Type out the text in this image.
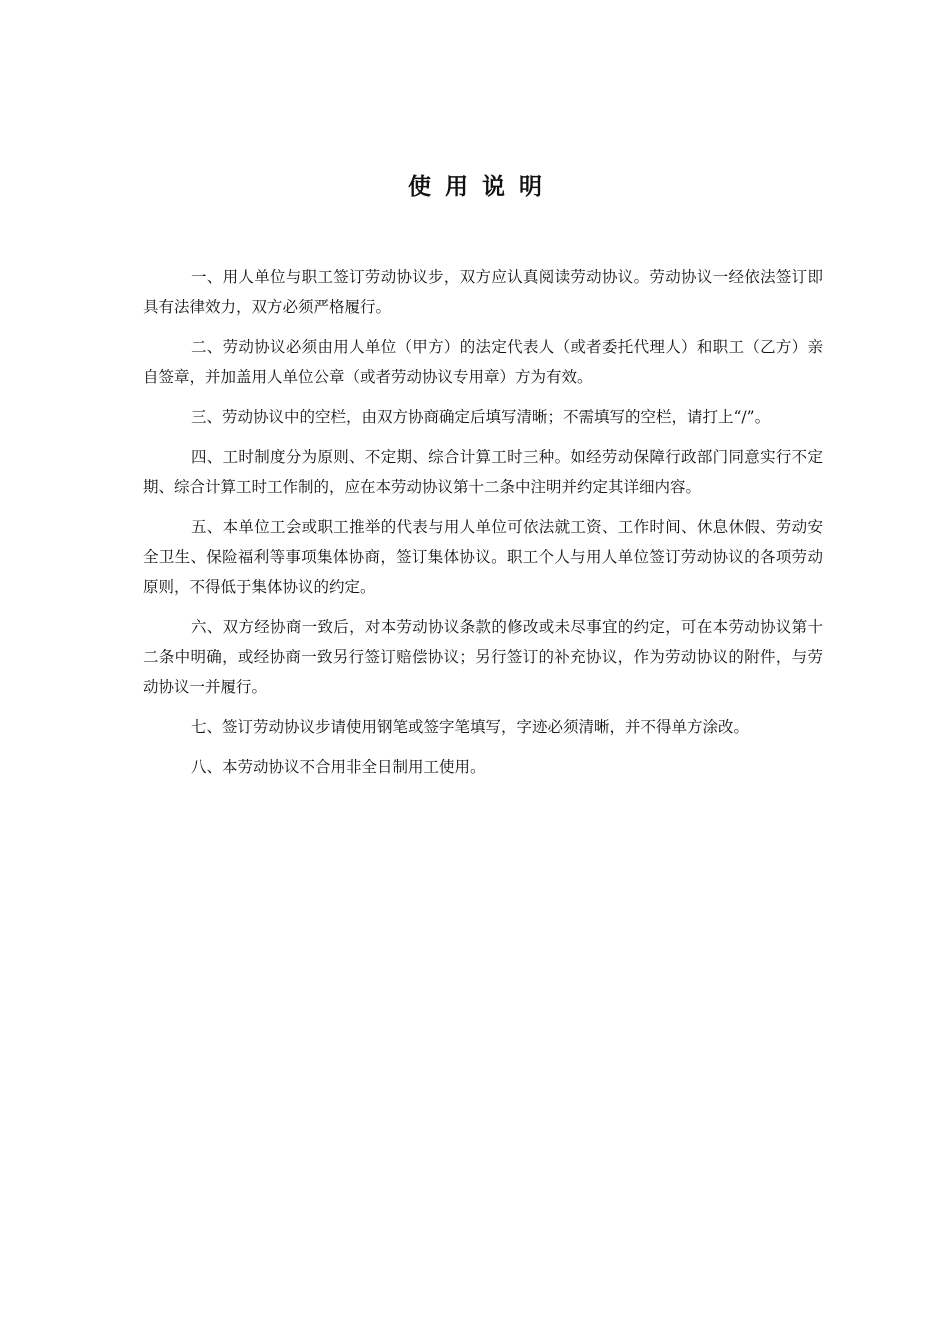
使用说明

一、用人单位与职工签订劳动协议步，双方应认真阅读劳动协议。劳动协议一经依法签订即具有法律效力，双方必须严格履行。

二、劳动协议必须由用人单位（甲方）的法定代表人（或者委托代理人）和职工（乙方）亲自签章，并加盖用人单位公章（或者劳动协议专用章）方为有效。

三、劳动协议中的空栏，由双方协商确定后填写清晰；不需填写的空栏，请打上“/”。

四、工时制度分为原则、不定期、综合计算工时三种。如经劳动保障行政部门同意实行不定期、综合计算工时工作制的，应在本劳动协议第十二条中注明并约定其详细内容。

五、本单位工会或职工推举的代表与用人单位可依法就工资、工作时间、休息休假、劳动安全卫生、保险福利等事项集体协商，签订集体协议。职工个人与用人单位签订劳动协议的各项劳动原则，不得低于集体协议的约定。

六、双方经协商一致后，对本劳动协议条款的修改或未尽事宜的约定，可在本劳动协议第十二条中明确，或经协商一致另行签订赔偿协议；另行签订的补充协议，作为劳动协议的附件，与劳动协议一并履行。

七、签订劳动协议步请使用钢笔或签字笔填写，字迹必须清晰，并不得单方涂改。

八、本劳动协议不合用非全日制用工使用。
